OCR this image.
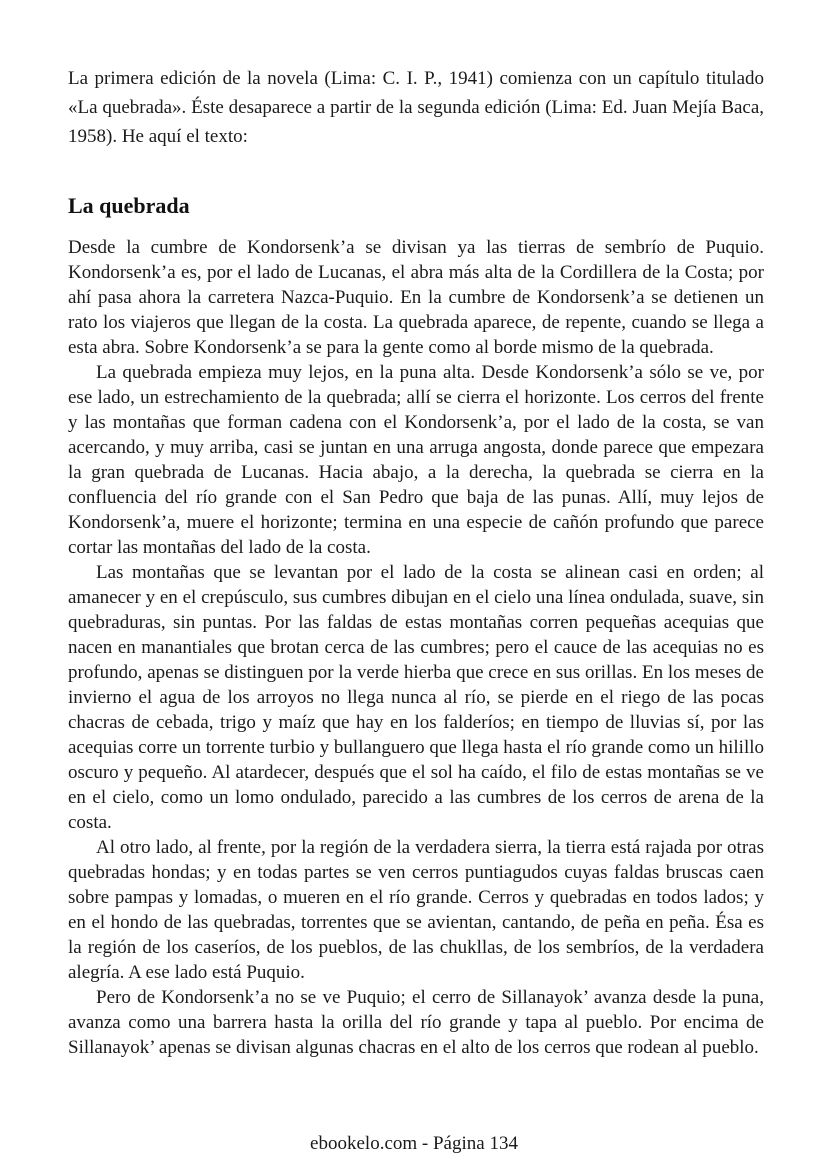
La primera edición de la novela (Lima: C. I. P., 1941) comienza con un capítulo titulado «La quebrada». Éste desaparece a partir de la segunda edición (Lima: Ed. Juan Mejía Baca, 1958). He aquí el texto:

La quebrada

Desde la cumbre de Kondorsenk’a se divisan ya las tierras de sembrío de Puquio. Kondorsenk’a es, por el lado de Lucanas, el abra más alta de la Cordillera de la Costa; por ahí pasa ahora la carretera Nazca-Puquio. En la cumbre de Kondorsenk’a se detienen un rato los viajeros que llegan de la costa. La quebrada aparece, de repente, cuando se llega a esta abra. Sobre Kondorsenk’a se para la gente como al borde mismo de la quebrada.

La quebrada empieza muy lejos, en la puna alta. Desde Kondorsenk’a sólo se ve, por ese lado, un estrechamiento de la quebrada; allí se cierra el horizonte. Los cerros del frente y las montañas que forman cadena con el Kondorsenk’a, por el lado de la costa, se van acercando, y muy arriba, casi se juntan en una arruga angosta, donde parece que empezara la gran quebrada de Lucanas. Hacia abajo, a la derecha, la quebrada se cierra en la confluencia del río grande con el San Pedro que baja de las punas. Allí, muy lejos de Kondorsenk’a, muere el horizonte; termina en una especie de cañón profundo que parece cortar las montañas del lado de la costa.

Las montañas que se levantan por el lado de la costa se alinean casi en orden; al amanecer y en el crepúsculo, sus cumbres dibujan en el cielo una línea ondulada, suave, sin quebraduras, sin puntas. Por las faldas de estas montañas corren pequeñas acequias que nacen en manantiales que brotan cerca de las cumbres; pero el cauce de las acequias no es profundo, apenas se distinguen por la verde hierba que crece en sus orillas. En los meses de invierno el agua de los arroyos no llega nunca al río, se pierde en el riego de las pocas chacras de cebada, trigo y maíz que hay en los falderíos; en tiempo de lluvias sí, por las acequias corre un torrente turbio y bullanguero que llega hasta el río grande como un hilillo oscuro y pequeño. Al atardecer, después que el sol ha caído, el filo de estas montañas se ve en el cielo, como un lomo ondulado, parecido a las cumbres de los cerros de arena de la costa.

Al otro lado, al frente, por la región de la verdadera sierra, la tierra está rajada por otras quebradas hondas; y en todas partes se ven cerros puntiagudos cuyas faldas bruscas caen sobre pampas y lomadas, o mueren en el río grande. Cerros y quebradas en todos lados; y en el hondo de las quebradas, torrentes que se avientan, cantando, de peña en peña. Ésa es la región de los caseríos, de los pueblos, de las chukllas, de los sembríos, de la verdadera alegría. A ese lado está Puquio.

Pero de Kondorsenk’a no se ve Puquio; el cerro de Sillanayok’ avanza desde la puna, avanza como una barrera hasta la orilla del río grande y tapa al pueblo. Por encima de Sillanayok’ apenas se divisan algunas chacras en el alto de los cerros que rodean al pueblo.

ebookelo.com - Página 134
